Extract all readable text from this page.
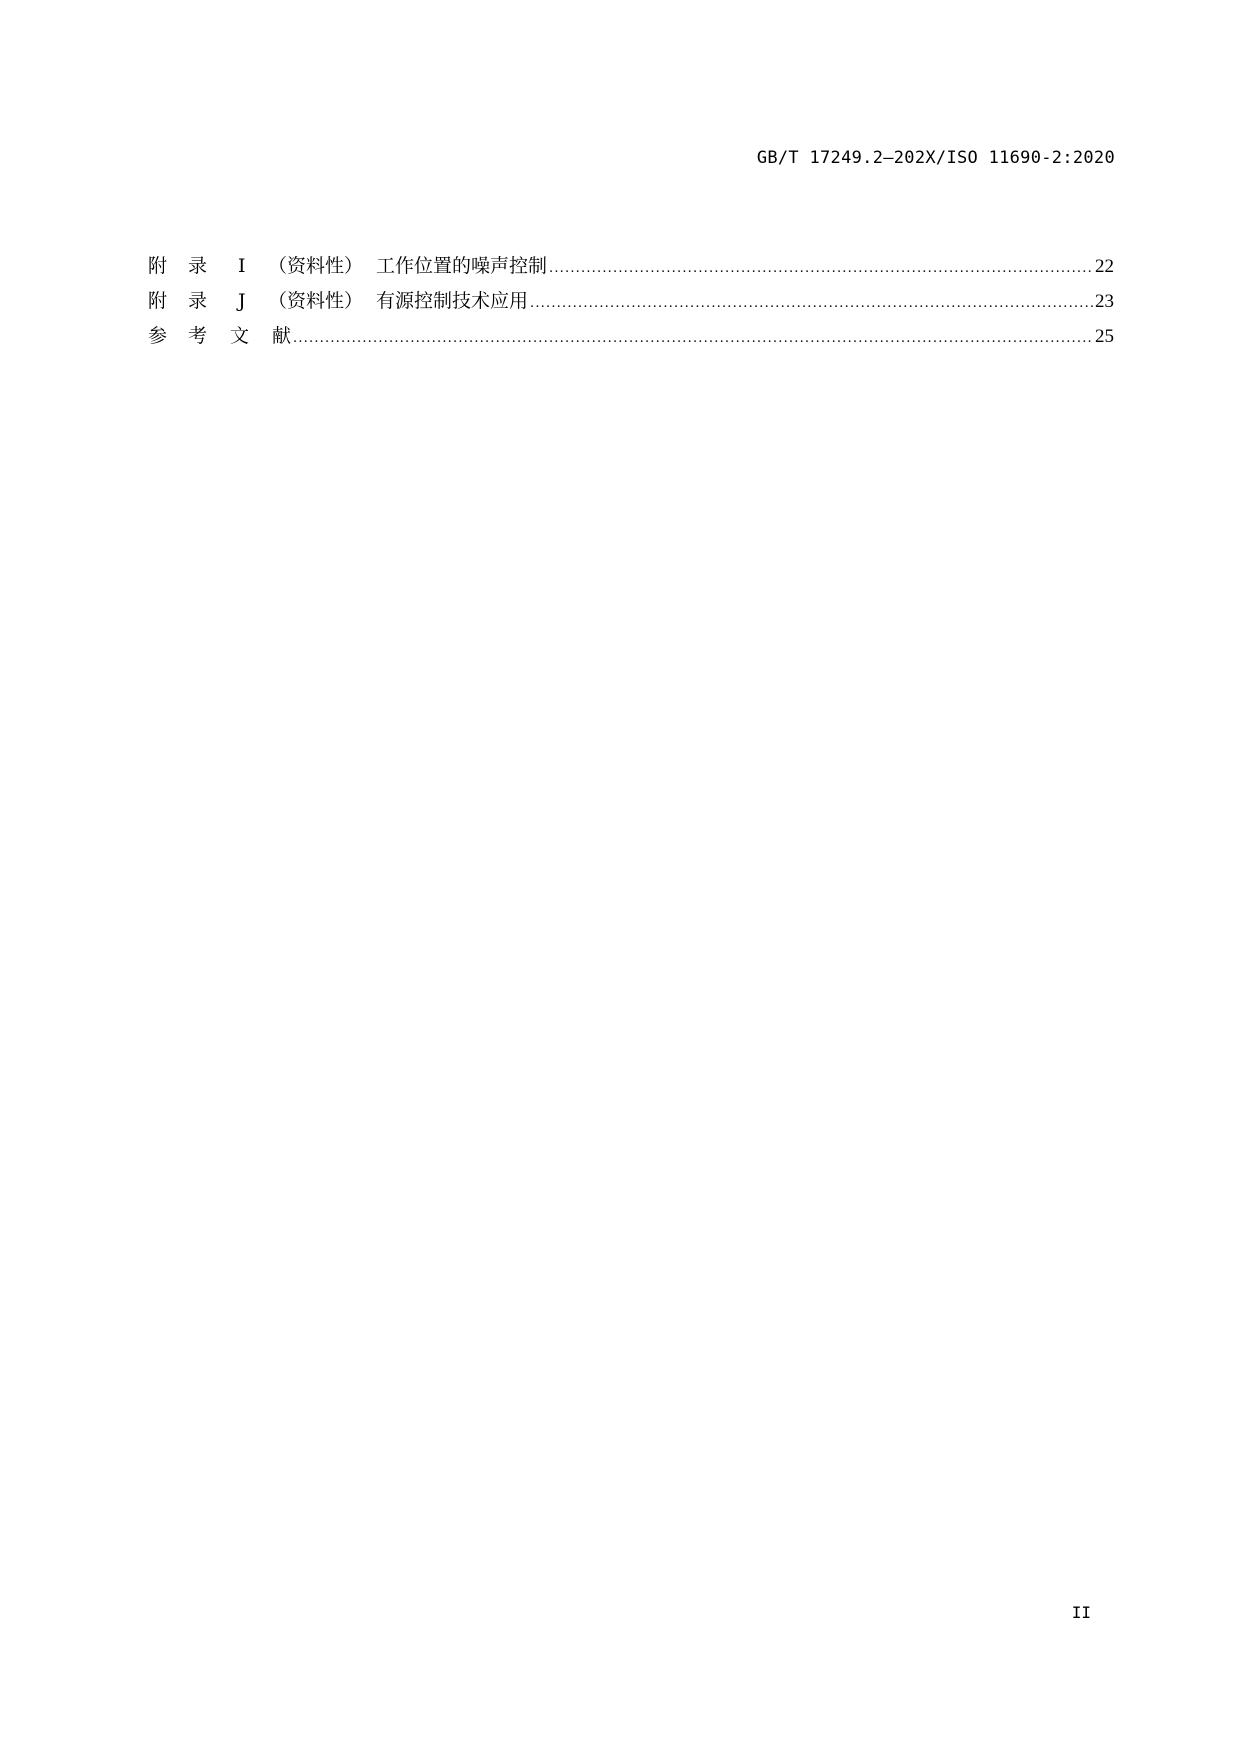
GB/T 17249.2—202X/ISO 11690-2:2020
附 录 I （资料性） 工作位置的噪声控制 .....	22
附 录 J （资料性） 有源控制技术应用 .....	23
参 考 文 献 .....	25
II
